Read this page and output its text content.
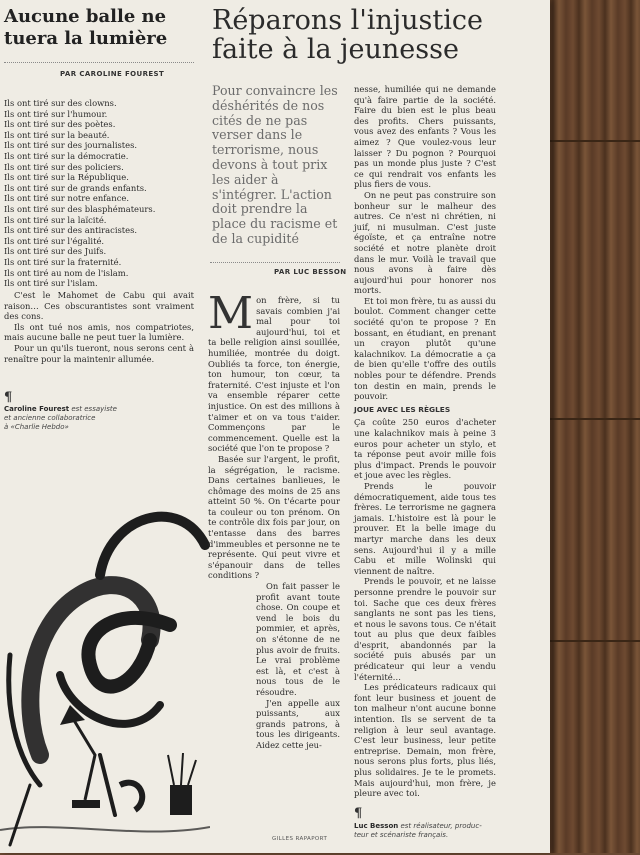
Aucune balle ne
tuera la lumière
PAR CAROLINE FOUREST
Ils ont tiré sur des clowns.
Ils ont tiré sur l'humour.
Ils ont tiré sur des poètes.
Ils ont tiré sur la beauté.
Ils ont tiré sur des journalistes.
Ils ont tiré sur la démocratie.
Ils ont tiré sur des policiers.
Ils ont tiré sur la République.
Ils ont tiré sur de grands enfants.
Ils ont tiré sur notre enfance.
Ils ont tiré sur des blasphémateurs.
Ils ont tiré sur la laïcité.
Ils ont tiré sur des antiracistes.
Ils ont tiré sur l'égalité.
Ils ont tiré sur des Juifs.
Ils ont tiré sur la fraternité.
Ils ont tiré au nom de l'islam.
Ils ont tiré sur l'islam.

C'est le Mahomet de Cabu qui avait raison… Ces obscurantistes sont vraiment des cons.

Ils ont tué nos amis, nos compatriotes, mais aucune balle ne peut tuer la lumière.

Pour un qu'ils tueront, nous serons cent à renaître pour la maintenir allumée.

¶
Caroline Fourest est essayiste
et ancienne collaboratrice
à «Charlie Hebdo»
Réparons l'injustice
faite à la jeunesse
Pour convaincre les déshérités de nos cités de ne pas verser dans le terrorisme, nous devons à tout prix les aider à s'intégrer. L'action doit prendre la place du racisme et de la cupidité
PAR LUC BESSON

Mon frère, si tu savais combien j'ai mal pour toi aujourd'hui, toi et ta belle religion ainsi souillée, humiliée, montrée du doigt. Oubliés ta force, ton énergie, ton humour, ton cœur, ta fraternité. C'est injuste et l'on va ensemble réparer cette injustice. On est des millions à t'aimer et on va tous t'aider. Commençons par le commencement. Quelle est la société que l'on te propose ?

Basée sur l'argent, le profit, la ségrégation, le racisme. Dans certaines banlieues, le chômage des moins de 25 ans atteint 50 %. On t'écarte pour ta couleur ou ton prénom. On te contrôle dix fois par jour, on t'entasse dans des barres d'immeubles et personne ne te représente. Qui peut vivre et s'épanouir dans de telles conditions ?

On fait passer le profit avant toute chose. On coupe et vend le bois du pommier, et après, on s'étonne de ne plus avoir de fruits. Le vrai problème est là, et c'est à nous tous de le résoudre.

J'en appelle aux puissants, aux grands patrons, à tous les dirigeants. Aidez cette jeu-

GILLES RAPAPORT

nesse, humiliée qui ne demande qu'à faire partie de la société. Faire du bien est le plus beau des profits. Chers puissants, vous avez des enfants ? Vous les aimez ? Que voulez-vous leur laisser ? Du pognon ? Pourquoi pas un monde plus juste ? C'est ce qui rendrait vos enfants les plus fiers de vous.

On ne peut pas construire son bonheur sur le malheur des autres. Ce n'est ni chrétien, ni juif, ni musulman. C'est juste égoïste, et ça entraîne notre société et notre planète droit dans le mur. Voilà le travail que nous avons à faire dès aujourd'hui pour honorer nos morts.

Et toi mon frère, tu as aussi du boulot. Comment changer cette société qu'on te propose ? En bossant, en étudiant, en prenant un crayon plutôt qu'une kalachnikov. La démocratie a ça de bien qu'elle t'offre des outils nobles pour te défendre. Prends ton destin en main, prends le pouvoir.

JOUE AVEC LES RÈGLES

Ça coûte 250 euros d'acheter une kalachnikov mais à peine 3 euros pour acheter un stylo, et ta réponse peut avoir mille fois plus d'impact. Prends le pouvoir et joue avec les règles.

Prends le pouvoir démocratiquement, aide tous tes frères. Le terrorisme ne gagnera jamais. L'histoire est là pour le prouver. Et la belle image du martyr marche dans les deux sens. Aujourd'hui il y a mille Cabu et mille Wolinski qui viennent de naître.

Prends le pouvoir, et ne laisse personne prendre le pouvoir sur toi. Sache que ces deux frères sanglants ne sont pas les tiens, et nous le savons tous. Ce n'était tout au plus que deux faibles d'esprit, abandonnés par la société puis abusés par un prédicateur qui leur a vendu l'éternité…

Les prédicateurs radicaux qui font leur business et jouent de ton malheur n'ont aucune bonne intention. Ils se servent de ta religion à leur seul avantage. C'est leur business, leur petite entreprise. Demain, mon frère, nous serons plus forts, plus liés, plus solidaires. Je te le promets. Mais aujourd'hui, mon frère, je pleure avec toi.

¶
Luc Besson est réalisateur, produc-
teur et scénariste français.
